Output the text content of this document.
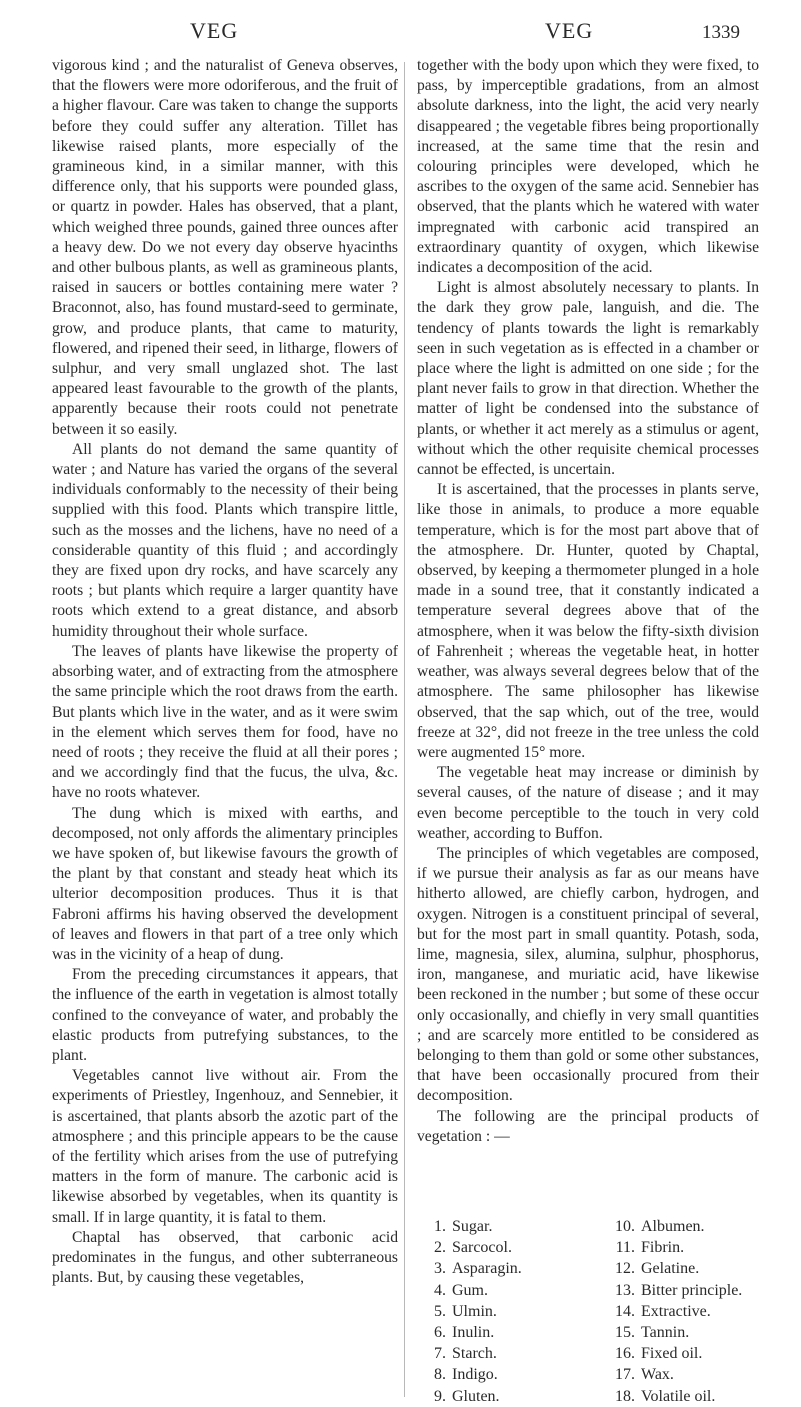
VEG	VEG	1339

vigorous kind ; and the naturalist of Geneva observes, that the flowers were more odoriferous, and the fruit of a higher flavour. Care was taken to change the supports before they could suffer any alteration. Tillet has likewise raised plants, more especially of the gramineous kind, in a similar manner, with this difference only, that his supports were pounded glass, or quartz in powder. Hales has observed, that a plant, which weighed three pounds, gained three ounces after a heavy dew. Do we not every day observe hyacinths and other bulbous plants, as well as gramineous plants, raised in saucers or bottles containing mere water ? Braconnot, also, has found mustard-seed to germinate, grow, and produce plants, that came to maturity, flowered, and ripened their seed, in litharge, flowers of sulphur, and very small unglazed shot. The last appeared least favourable to the growth of the plants, apparently because their roots could not penetrate between it so easily.

All plants do not demand the same quantity of water ; and Nature has varied the organs of the several individuals conformably to the necessity of their being supplied with this food. Plants which transpire little, such as the mosses and the lichens, have no need of a considerable quantity of this fluid ; and accordingly they are fixed upon dry rocks, and have scarcely any roots ; but plants which require a larger quantity have roots which extend to a great distance, and absorb humidity throughout their whole surface.

The leaves of plants have likewise the property of absorbing water, and of extracting from the atmosphere the same principle which the root draws from the earth. But plants which live in the water, and as it were swim in the element which serves them for food, have no need of roots ; they receive the fluid at all their pores ; and we accordingly find that the fucus, the ulva, &c. have no roots whatever.

The dung which is mixed with earths, and decomposed, not only affords the alimentary principles we have spoken of, but likewise favours the growth of the plant by that constant and steady heat which its ulterior decomposition produces. Thus it is that Fabroni affirms his having observed the development of leaves and flowers in that part of a tree only which was in the vicinity of a heap of dung.

From the preceding circumstances it appears, that the influence of the earth in vegetation is almost totally confined to the conveyance of water, and probably the elastic products from putrefying substances, to the plant.

Vegetables cannot live without air. From the experiments of Priestley, Ingenhouz, and Sennebier, it is ascertained, that plants absorb the azotic part of the atmosphere ; and this principle appears to be the cause of the fertility which arises from the use of putrefying matters in the form of manure. The carbonic acid is likewise absorbed by vegetables, when its quantity is small. If in large quantity, it is fatal to them.

Chaptal has observed, that carbonic acid predominates in the fungus, and other subterraneous plants. But, by causing these vegetables,

together with the body upon which they were fixed, to pass, by imperceptible gradations, from an almost absolute darkness, into the light, the acid very nearly disappeared ; the vegetable fibres being proportionally increased, at the same time that the resin and colouring principles were developed, which he ascribes to the oxygen of the same acid. Sennebier has observed, that the plants which he watered with water impregnated with carbonic acid transpired an extraordinary quantity of oxygen, which likewise indicates a decomposition of the acid.

Light is almost absolutely necessary to plants. In the dark they grow pale, languish, and die. The tendency of plants towards the light is remarkably seen in such vegetation as is effected in a chamber or place where the light is admitted on one side ; for the plant never fails to grow in that direction. Whether the matter of light be condensed into the substance of plants, or whether it act merely as a stimulus or agent, without which the other requisite chemical processes cannot be effected, is uncertain.

It is ascertained, that the processes in plants serve, like those in animals, to produce a more equable temperature, which is for the most part above that of the atmosphere. Dr. Hunter, quoted by Chaptal, observed, by keeping a thermometer plunged in a hole made in a sound tree, that it constantly indicated a temperature several degrees above that of the atmosphere, when it was below the fifty-sixth division of Fahrenheit ; whereas the vegetable heat, in hotter weather, was always several degrees below that of the atmosphere. The same philosopher has likewise observed, that the sap which, out of the tree, would freeze at 32°, did not freeze in the tree unless the cold were augmented 15° more.

The vegetable heat may increase or diminish by several causes, of the nature of disease ; and it may even become perceptible to the touch in very cold weather, according to Buffon.

The principles of which vegetables are composed, if we pursue their analysis as far as our means have hitherto allowed, are chiefly carbon, hydrogen, and oxygen. Nitrogen is a constituent principal of several, but for the most part in small quantity. Potash, soda, lime, magnesia, silex, alumina, sulphur, phosphorus, iron, manganese, and muriatic acid, have likewise been reckoned in the number ; but some of these occur only occasionally, and chiefly in very small quantities ; and are scarcely more entitled to be considered as belonging to them than gold or some other substances, that have been occasionally procured from their decomposition.

The following are the principal products of vegetation : —

1. Sugar.
2. Sarcocol.
3. Asparagin.
4. Gum.
5. Ulmin.
6. Inulin.
7. Starch.
8. Indigo.
9. Gluten.
10. Albumen.
11. Fibrin.
12. Gelatine.
13. Bitter principle.
14. Extractive.
15. Tannin.
16. Fixed oil.
17. Wax.
18. Volatile oil.
